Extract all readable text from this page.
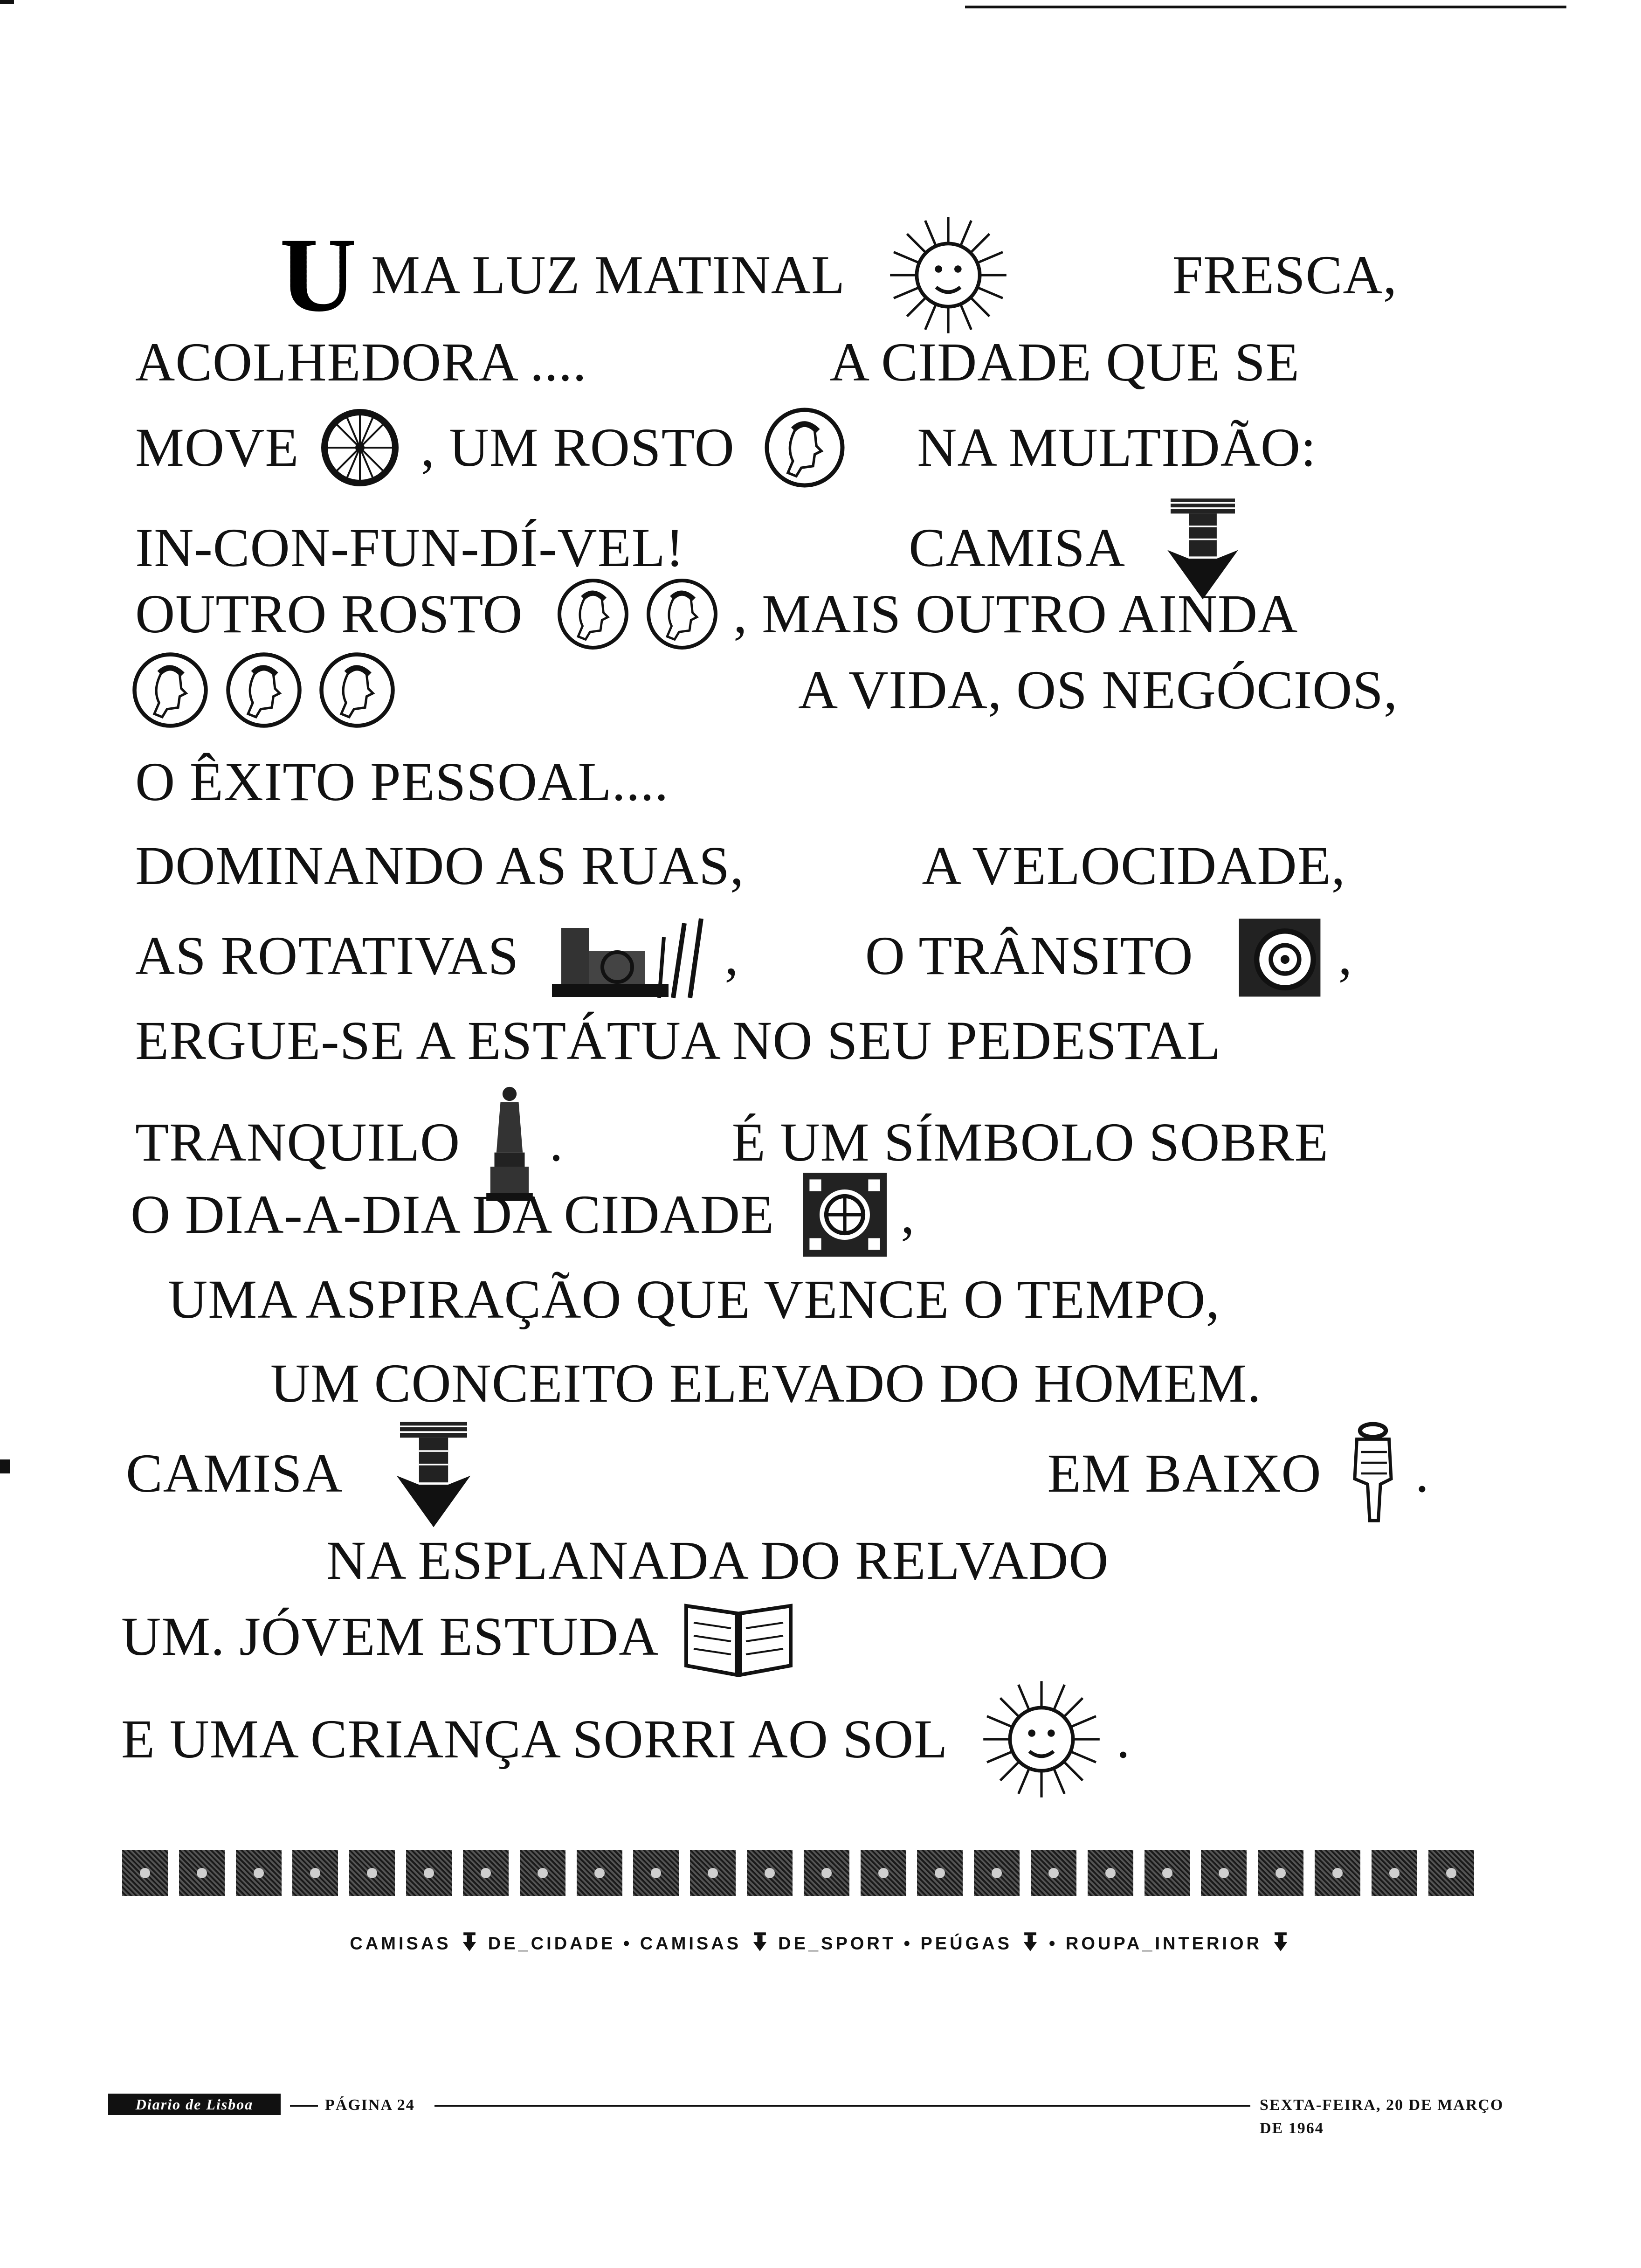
U MA LUZ MATINAL	FRESCA,
ACOLHEDORA ....	A CIDADE QUE SE
MOVE , UM ROSTO	NA MULTIDÃO:
IN-CON-FUN-DÍ-VEL!	CAMISA
OUTRO ROSTO
	, MAIS OUTRO AINDA

A VIDA, OS NEGÓCIOS,
O ÊXITO PESSOAL....
DOMINANDO AS RUAS,	A VELOCIDADE,
AS ROTATIVAS	, O TRÂNSITO	,
ERGUE-SE A ESTÁTUA NO SEU PEDESTAL
TRANQUILO .	É UM SÍMBOLO SOBRE
O DIA-A-DIA DA CIDADE ,
UMA ASPIRAÇÃO QUE VENCE O TEMPO,
UM CONCEITO ELEVADO DO HOMEM.
CAMISA	EM BAIXO .
NA ESPLANADA DO RELVADO
UM. JÓVEM ESTUDA
E UMA CRIANÇA SORRI AO SOL	.
CAMISAS DE_CIDADE • CAMISAS DE_SPORT • PEÚGAS • ROUPA_INTERIOR
Diario de Lisboa	PÁGINA 24	SEXTA-FEIRA, 20 DE MARÇO DE 1964
